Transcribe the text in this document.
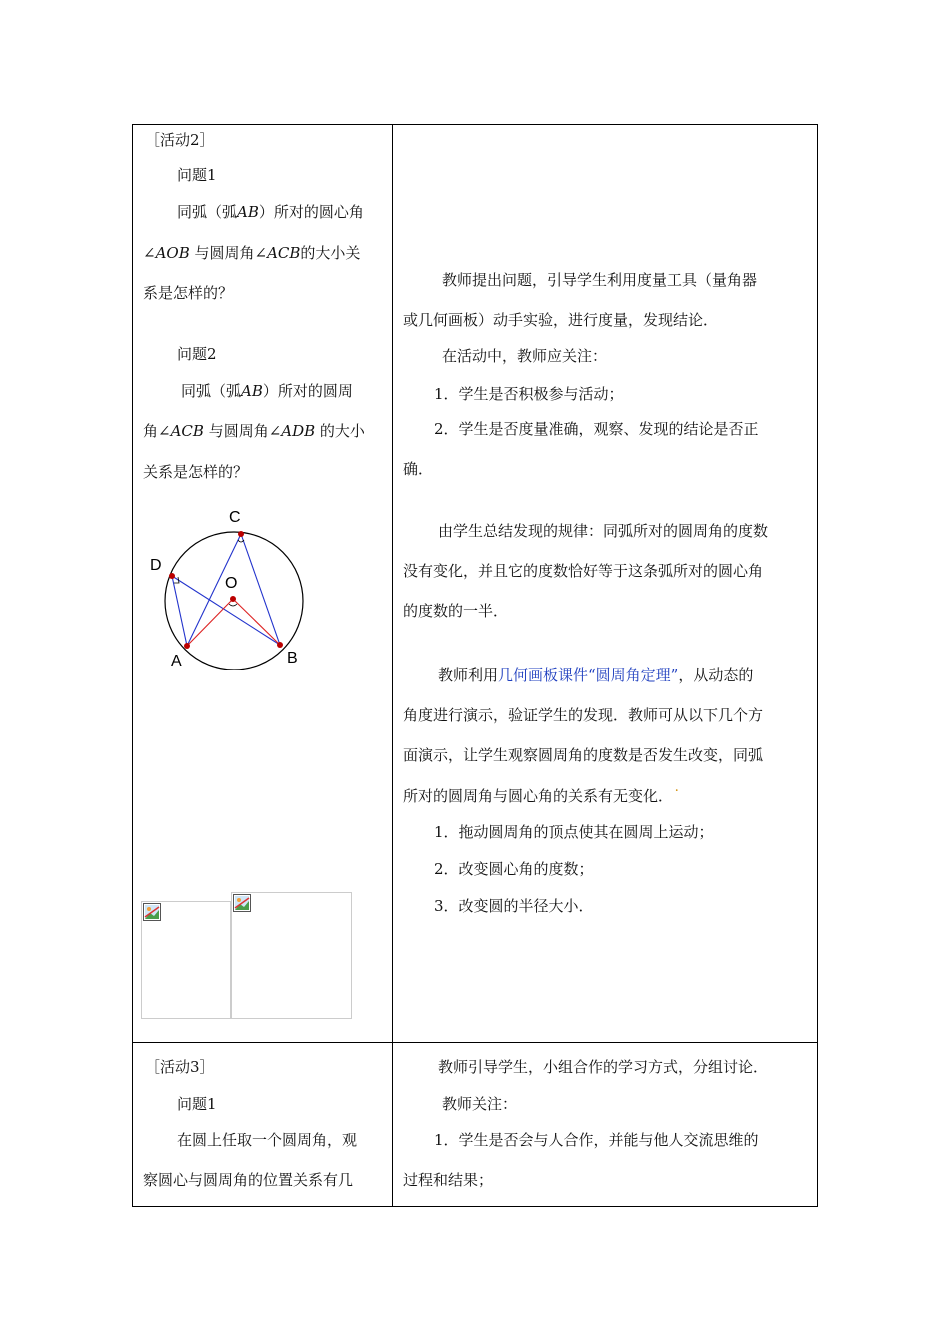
［活动2］
问题1
同弧（弧AB）所对的圆心角
∠AOB 与圆周角∠ACB的大小关
系是怎样的？
问题2
同弧（弧AB）所对的圆周
角∠ACB 与圆周角∠ADB 的大小
关系是怎样的？
C
D
O
A	B
教师提出问题，引导学生利用度量工具（量角器
或几何画板）动手实验，进行度量，发现结论．
在活动中，教师应关注：
1．学生是否积极参与活动；
2．学生是否度量准确，观察、发现的结论是否正
确．
由学生总结发现的规律：同弧所对的圆周角的度数
没有变化，并且它的度数恰好等于这条弧所对的圆心角
的度数的一半．
教师利用几何画板课件“圆周角定理”，从动态的
角度进行演示，验证学生的发现．教师可从以下几个方
面演示，让学生观察圆周角的度数是否发生改变，同弧
所对的圆周角与圆心角的关系有无变化．˙
1．拖动圆周角的顶点使其在圆周上运动；
2．改变圆心角的度数；
3．改变圆的半径大小．
［活动3］
问题1
在圆上任取一个圆周角，观
察圆心与圆周角的位置关系有几
教师引导学生，小组合作的学习方式，分组讨论．
教师关注：
1．学生是否会与人合作，并能与他人交流思维的
过程和结果；
